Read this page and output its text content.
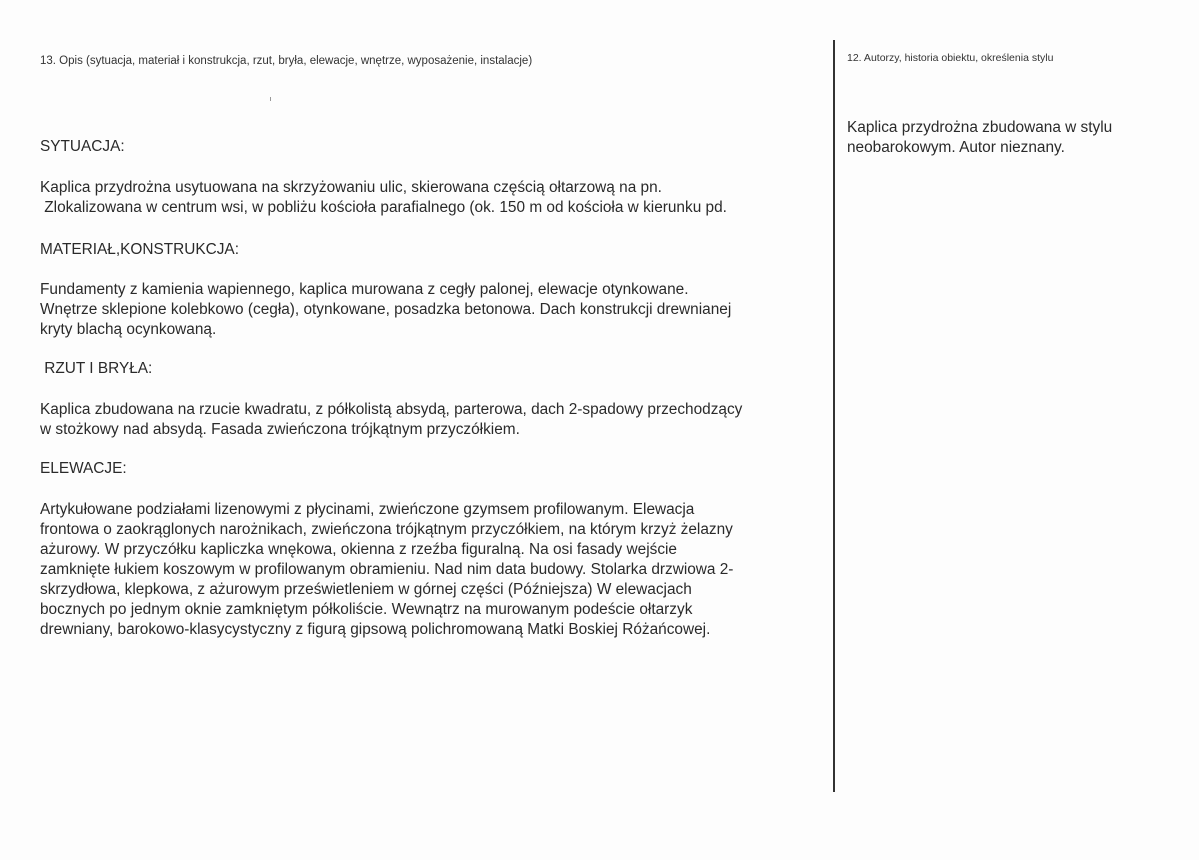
13. Opis (sytuacja, materiał i konstrukcja, rzut, bryła, elewacje, wnętrze, wyposażenie, instalacje)
SYTUACJA:
Kaplica przydrożna usytuowana na skrzyżowaniu ulic, skierowana częścią ołtarzową na pn.
Zlokalizowana w centrum wsi, w pobliżu kościoła parafialnego (ok. 150 m od kościoła w kierunku pd.
MATERIAŁ,KONSTRUKCJA:
Fundamenty z kamienia wapiennego, kaplica murowana z cegły palonej, elewacje otynkowane.
Wnętrze sklepione kolebkowo (cegła), otynkowane, posadzka betonowa. Dach konstrukcji drewnianej
kryty blachą ocynkowaną.
RZUT I BRYŁA:
Kaplica zbudowana na rzucie kwadratu, z półkolistą absydą, parterowa, dach 2-spadowy przechodzący
w stożkowy nad absydą. Fasada zwieńczona trójkątnym przyczółkiem.
ELEWACJE:
Artykułowane podziałami lizenowymi z płycinami, zwieńczone gzymsem profilowanym. Elewacja
frontowa o zaokrąglonych narożnikach, zwieńczona trójkątnym przyczółkiem, na którym krzyż żelazny
ażurowy. W przyczółku kapliczka wnękowa, okienna z rzeźba figuralną. Na osi fasady wejście
zamknięte łukiem koszowym w profilowanym obramieniu. Nad nim data budowy. Stolarka drzwiowa 2-
skrzydłowa, klepkowa, z ażurowym prześwietleniem w górnej części (Późniejsza) W elewacjach
bocznych po jednym oknie zamkniętym półkoliście. Wewnątrz na murowanym podeście ołtarzyk
drewniany, barokowo-klasycystyczny z figurą gipsową polichromowaną Matki Boskiej Różańcowej.
12. Autorzy, historia obiektu, określenia stylu
Kaplica przydrożna zbudowana w stylu
neobarokowym. Autor nieznany.
